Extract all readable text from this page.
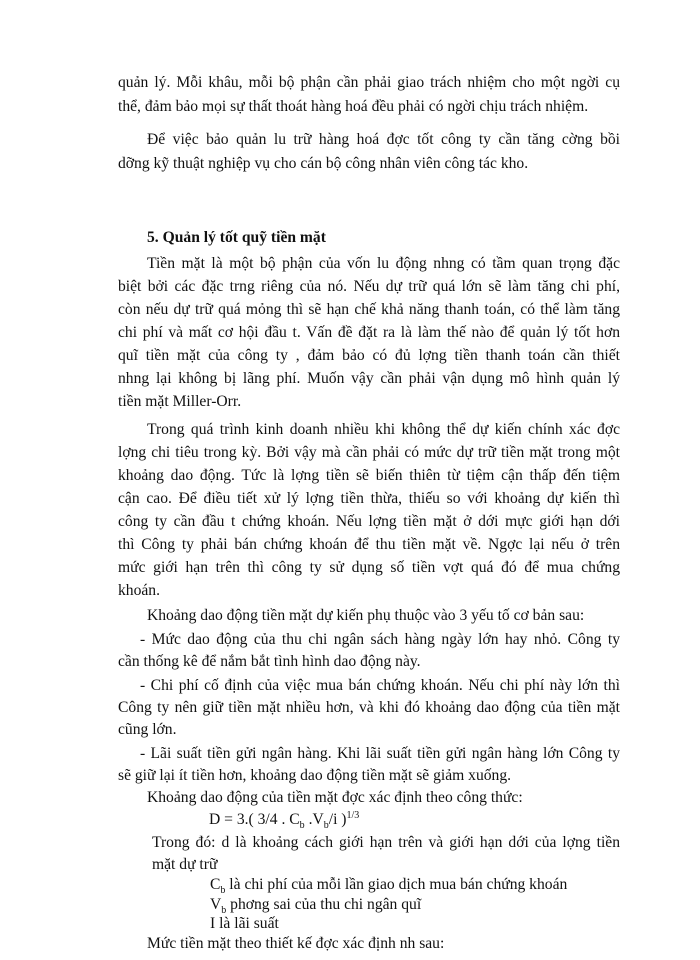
quản lý. Mỗi khâu, mỗi bộ phận cần phải giao trách nhiệm cho một ngời cụ
thể, đảm bảo mọi sự thất thoát hàng hoá đều phải có ngời chịu trách nhiệm.
Để việc bảo quản lu trữ hàng hoá đợc tốt công ty cần tăng cờng bồi
dỡng kỹ thuật nghiệp vụ cho cán bộ công nhân viên công tác kho.
5. Quản lý tốt quỹ tiền mặt
Tiền mặt là một bộ phận của vốn lu động nhng có tầm quan trọng đặc
biệt bởi các đặc trng riêng của nó. Nếu dự trữ quá lớn sẽ làm tăng chi phí,
còn nếu dự trữ quá mỏng thì sẽ hạn chế khả năng thanh toán, có thể làm tăng
chi phí và mất cơ hội đầu t. Vấn đề đặt ra là làm thế nào để quản lý tốt hơn
quĩ tiền mặt của công ty , đảm bảo có đủ lợng tiền thanh toán cần thiết
nhng lại không bị lãng phí. Muốn vậy cần phải vận dụng mô hình quản lý
tiền mặt Miller-Orr.
Trong quá trình kinh doanh nhiều khi không thể dự kiến chính xác đợc
lợng chi tiêu trong kỳ. Bởi vậy mà cần phải có mức dự trữ tiền mặt trong một
khoảng dao động. Tức là lợng tiền sẽ biến thiên từ tiệm cận thấp đến tiệm
cận cao. Để điều tiết xử lý lợng tiền thừa, thiếu so với khoảng dự kiến thì
công ty cần đầu t chứng khoán. Nếu lợng tiền mặt ở dới mực giới hạn dới
thì Công ty phải bán chứng khoán để thu tiền mặt về. Ngợc lại nếu ở trên
mức giới hạn trên thì công ty sử dụng số tiền vợt quá đó để mua chứng
khoán.
Khoảng dao động tiền mặt dự kiến phụ thuộc vào 3 yếu tố cơ bản sau:
- Mức dao động của thu chi ngân sách hàng ngày lớn hay nhỏ. Công ty
cần thống kê để nắm bắt tình hình dao động này.
- Chi phí cố định của việc mua bán chứng khoán. Nếu chi phí này lớn thì
Công ty nên giữ tiền mặt nhiều hơn, và khi đó khoảng dao động của tiền mặt
cũng lớn.
- Lãi suất tiền gửi ngân hàng. Khi lãi suất tiền gửi ngân hàng lớn Công ty
sẽ giữ lại ít tiền hơn, khoảng dao động tiền mặt sẽ giảm xuống.
Khoảng dao động của tiền mặt đợc xác định theo công thức:
D = 3.( 3/4 . $C_b$ $.V_b/i$ )$^{1/3}$
Trong đó: d là khoảng cách giới hạn trên và giới hạn dới của lợng tiền
mặt dự trữ
$C_b$ là chi phí của mỗi lần giao dịch mua bán chứng khoán
$V_b$ phơng sai của thu chi ngân quĩ
I là lãi suất
Mức tiền mặt theo thiết kế đợc xác định nh sau:
